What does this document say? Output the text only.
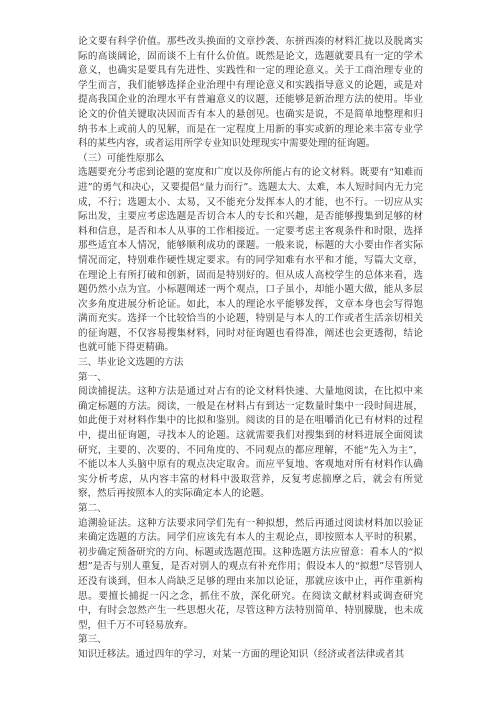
论文要有科学价值。那些改头换面的文章抄袭、东拼西凑的材料汇拢以及脱离实际的高谈阔论，固而谈不上有什么价值。既然是论文，选题就要具有一定的学术意义，也确实是要具有先进性、实践性和一定的理论意义。关于工商治理专业的学生而言，我们能够选择企业治理中有理论意义和实践指导意义的论题，或是对提高我国企业的治理水平有普遍意义的议题，还能够是新治理方法的使用。毕业论文的价值关键取决因而否有本人的悬创见。也确实是说，不是简单地整理和归纳书本上或前人的见解，而是在一定程度上用新的事实或新的理论来丰富专业学科的某些内容，或者运用所学专业知识处理现实中需要处理的征询题。

（三）可能性原那么

选题要充分考虑到论题的宽度和广度以及你所能占有的论文材料。既要有“知难而进”的勇气和决心，又要提倡“量力而行”。选题太大、太难，本人短时间内无力完成，不行；选题太小、太易，又不能充分发挥本人的才能，也不行。一切应从实际出发，主要应考虑选题是否切合本人的专长和兴趣，是否能够搜集到足够的材料和信息，是否和本人从事的工作相接近。一定要考虑主客观条件和时限，选择那些适宜本人情况，能够顺利成功的课题。一般来说，标题的大小要由作者实际情况而定，特别难作硬性规定要求。有的同学知难有水平和才能，写篇大文章，在理论上有所打破和创新，固而是特别好的。但从成人高校学生的总体来看，选题仍然小点为宜。小标题阐述一两个观点，口子虽小，却能小题大做，能从多层次多角度进展分析论证。如此，本人的理论水平能够发挥，文章本身也会写得饱满而充实。选择一个比较恰当的小论题，特别是与本人的工作或者生活亲切相关的征询题，不仅容易搜集材料，同时对征询题也看得准，阐述也会更透彻，结论也就可能下得更精确。

三、毕业论文选题的方法

第一、

阅读捕捉法。这种方法是通过对占有的论文材料快速、大量地阅读，在比拟中来确定标题的方法。阅读，一般是在材料占有到达一定数量时集中一段时间进展，如此便于对材料作集中的比拟和鉴别。阅读的目的是在咀嚼消化已有材料的过程中，提出征询题，寻找本人的论题。这就需要我们对搜集到的材料进展全面阅读研究，主要的、次要的、不同角度的、不同观点的都应理解，不能“先入为主”，不能以本人头脑中原有的观点决定取舍。而应平复地、客观地对所有材料作认确实分析考虑，从内容丰富的材料中汲取营养，反复考虑揣摩之后，就会有所觉察，然后再按照本人的实际确定本人的论题。

第二、

追溯验证法。这种方法要求同学们先有一种拟想，然后再通过阅读材料加以验证来确定选题的方法。同学们应该先有本人的主观论点，即按照本人平时的积累，初步确定预备研究的方向、标题或选题范围。这种选题方法应留意：看本人的“拟想”是否与别人重复，是否对别人的观点有补充作用；假设本人的“拟想”尽管别人还没有谈到，但本人尚缺乏足够的理由来加以论证，那就应该中止，再作重新构思。要擅长捕捉一闪之念，抓住不放，深化研究。在阅读文献材料或调查研究中，有时会忽然产生一些思想火花，尽管这种方法特别简单、特别朦胧，也未成型，但千万不可轻易放弃。

第三、

知识迁移法。通过四年的学习，对某一方面的理论知识（经济或者法律或者其
